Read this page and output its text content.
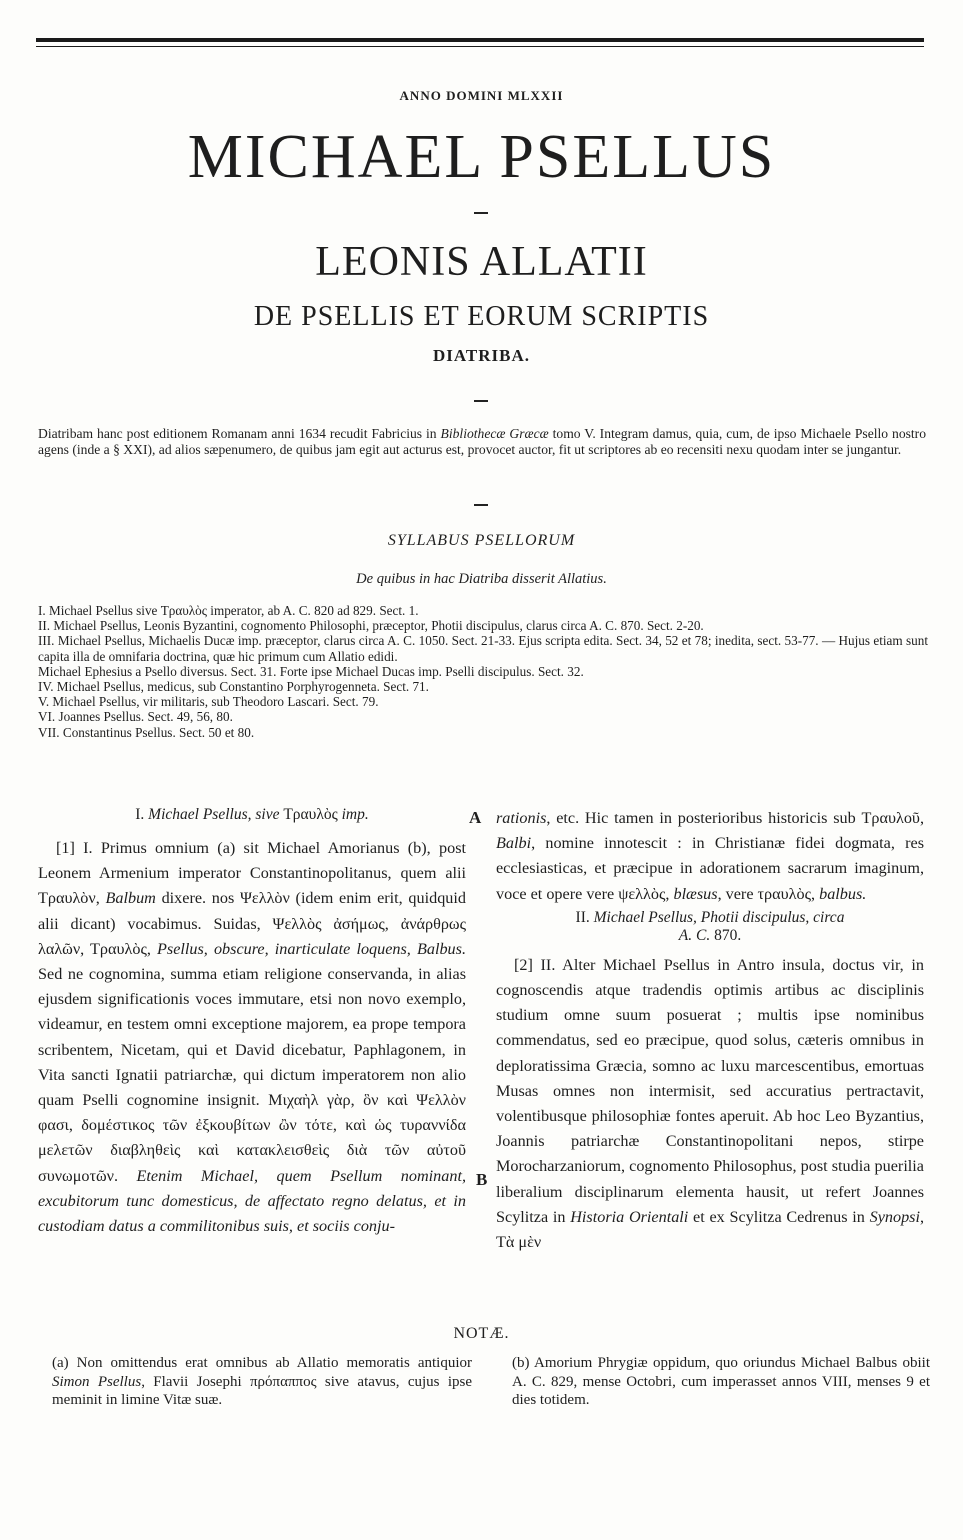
ANNO DOMINI MLXXII
MICHAEL PSELLUS
LEONIS ALLATII
DE PSELLIS ET EORUM SCRIPTIS
DIATRIBA.
Diatribam hanc post editionem Romanam anni 1634 recudit Fabricius in Bibliothecæ Græcæ tomo V. Integram damus, quia, cum, de ipso Michaele Psello nostro agens (inde a § XXI), ad alios sæpenumero, de quibus jam egit aut acturus est, provocet auctor, fit ut scriptores ab eo recensiti nexu quodam inter se jungantur.
SYLLABUS PSELLORUM
De quibus in hac Diatriba disserit Allatius.
I. Michael Psellus sive Τραυλὸς imperator, ab A. C. 820 ad 829. Sect. 1.
II. Michael Psellus, Leonis Byzantini, cognomento Philosophi, præceptor, Photii discipulus, clarus circa A. C. 870. Sect. 2-20.
III. Michael Psellus, Michaelis Ducæ imp. præceptor, clarus circa A. C. 1050. Sect. 21-33. Ejus scripta edita. Sect. 34, 52 et 78; inedita, sect. 53-77. — Hujus etiam sunt capita illa de omnifaria doctrina, quæ hic primum cum Allatio edidi.
Michael Ephesius a Psello diversus. Sect. 31. Forte ipse Michael Ducas imp. Pselli discipulus. Sect. 32.
IV. Michael Psellus, medicus, sub Constantino Porphyrogenneta. Sect. 71.
V. Michael Psellus, vir militaris, sub Theodoro Lascari. Sect. 79.
VI. Joannes Psellus. Sect. 49, 56, 80.
VII. Constantinus Psellus. Sect. 50 et 80.
I. Michael Psellus, sive Τραυλὸς imp.

[1] I. Primus omnium (a) sit Michael Amorianus (b), post Leonem Armenium imperator Constantinopolitanus, quem alii Τραυλὸν, Balbum dixere. nos Ψελλὸν (idem enim erit, quidquid alii dicant) vocabimus. Suidas, Ψελλὸς ἀσήμως, ἀνάρθρως λαλῶν, Τραυλὸς, Psellus, obscure, inarticulate loquens, Balbus. Sed ne cognomina, summa etiam religione conservanda, in alias ejusdem significationis voces immutare, etsi non novo exemplo, videamur, en testem omni exceptione majorem, ea prope tempora scribentem, Nicetam, qui et David dicebatur, Paphlagonem, in Vita sancti Ignatii patriarchæ, qui dictum imperatorem non alio quam Pselli cognomine insignit. Μιχαὴλ γὰρ, ὃν καὶ Ψελλὸν φασι, δομέστικος τῶν ἐξκουβίτων ὢν τότε, καὶ ὡς τυραννίδα μελετῶν διαβληθεὶς καὶ κατακλεισθεὶς διὰ τῶν αὐτοῦ συνωμοτῶν. Etenim Michael, quem Psellum nominant, excubitorum tunc domesticus, de affectato regno delatus, et in custodiam datus a commilitonibus suis, et sociis conju-

A
B

rationis, etc. Hic tamen in posterioribus historicis sub Τραυλοῦ, Balbi, nomine innotescit : in Christianæ fidei dogmata, res ecclesiasticas, et præcipue in adorationem sacrarum imaginum, voce et opere vere ψελλὸς, blæsus, vere τραυλὸς, balbus.

II. Michael Psellus, Photii discipulus, circa
A. C. 870.

[2] II. Alter Michael Psellus in Antro insula, doctus vir, in cognoscendis atque tradendis optimis artibus ac disciplinis studium omne suum posuerat ; multis ipse nominibus commendatus, sed eo præcipue, quod solus, cæteris omnibus in deploratissima Græcia, somno ac luxu marcescentibus, emortuas Musas omnes non intermisit, sed accuratius pertractavit, volentibusque philosophiæ fontes aperuit. Ab hoc Leo Byzantius, Joannis patriarchæ Constantinopolitani nepos, stirpe Morocharzaniorum, cognomento Philosophus, post studia puerilia liberalium disciplinarum elementa hausit, ut refert Joannes Scylitza in Historia Orientali et ex Scylitza Cedrenus in Synopsi, Τὰ μὲν

NOTÆ.
(a) Non omittendus erat omnibus ab Allatio memoratis antiquior Simon Psellus, Flavii Josephi πρόπαππος sive atavus, cujus ipse meminit in limine Vitæ suæ.
(b) Amorium Phrygiæ oppidum, quo oriundus Michael Balbus obiit A. C. 829, mense Octobri, cum imperasset annos VIII, menses 9 et dies totidem.
